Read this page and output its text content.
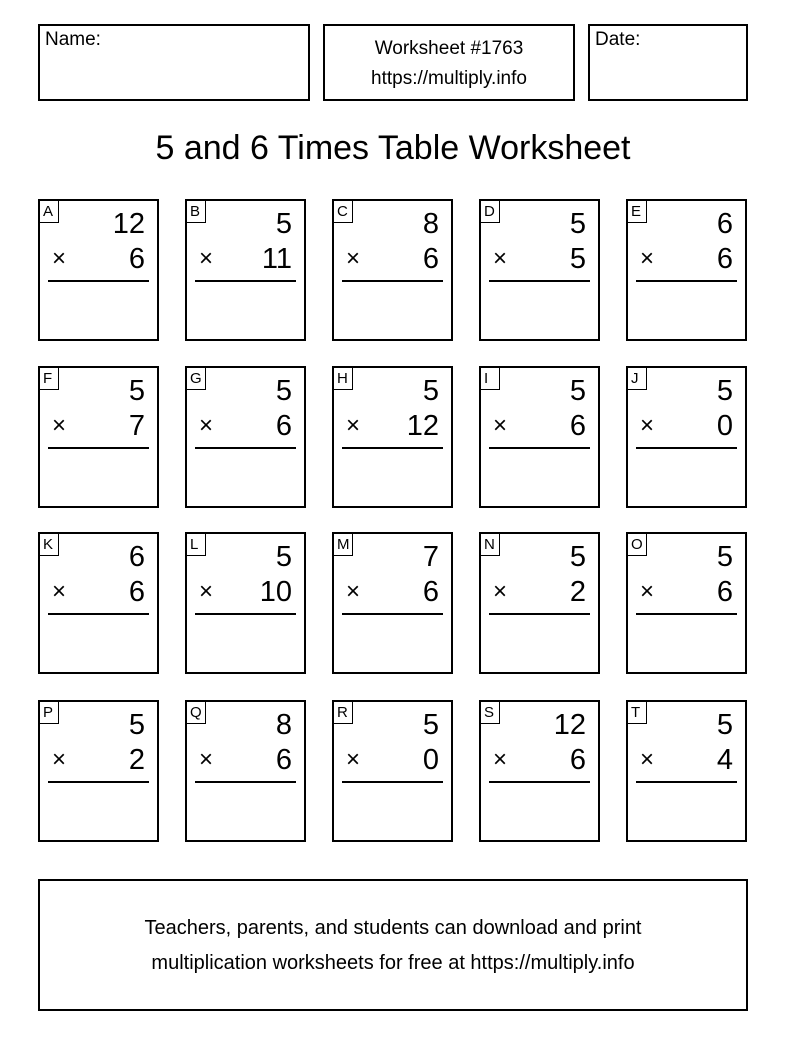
Name:	Worksheet #1763
https://multiply.info
Date:
5 and 6 Times Table Worksheet
A 12
× 6
B	5
× 11
C	8
× 6
D	5
× 5
E	6
× 6
F	5
× 7
G	5
× 6
H	5
× 12
I	5
× 6
J	5
× 0
K	6
× 6
L	5
× 10
M	7
× 6
N	5
× 2
O	5
× 6
P	5
× 2
Q	8
× 6
R	5
× 0
S 12
× 6
T	5
× 4
Teachers, parents, and students can download and print
multiplication worksheets for free at https://multiply.info
